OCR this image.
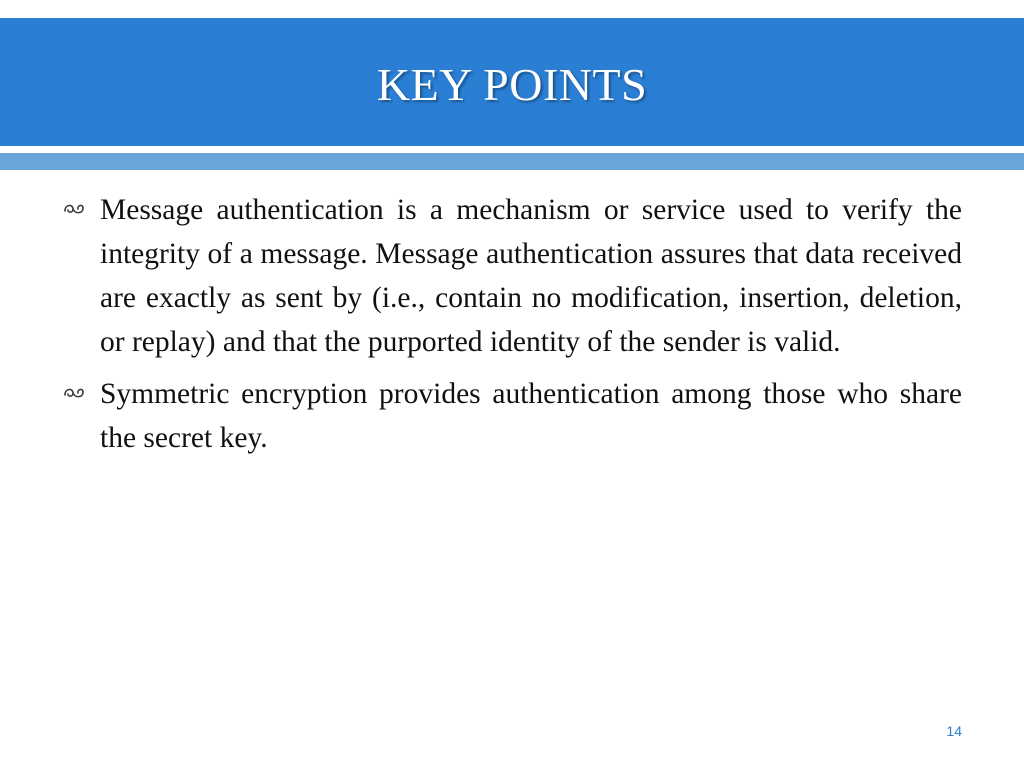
KEY POINTS

Message authentication is a mechanism or service used to verify the integrity of a message. Message authentication assures that data received are exactly as sent by (i.e., contain no modification, insertion, deletion, or replay) and that the purported identity of the sender is valid.

Symmetric encryption provides authentication among those who share the secret key.

14
